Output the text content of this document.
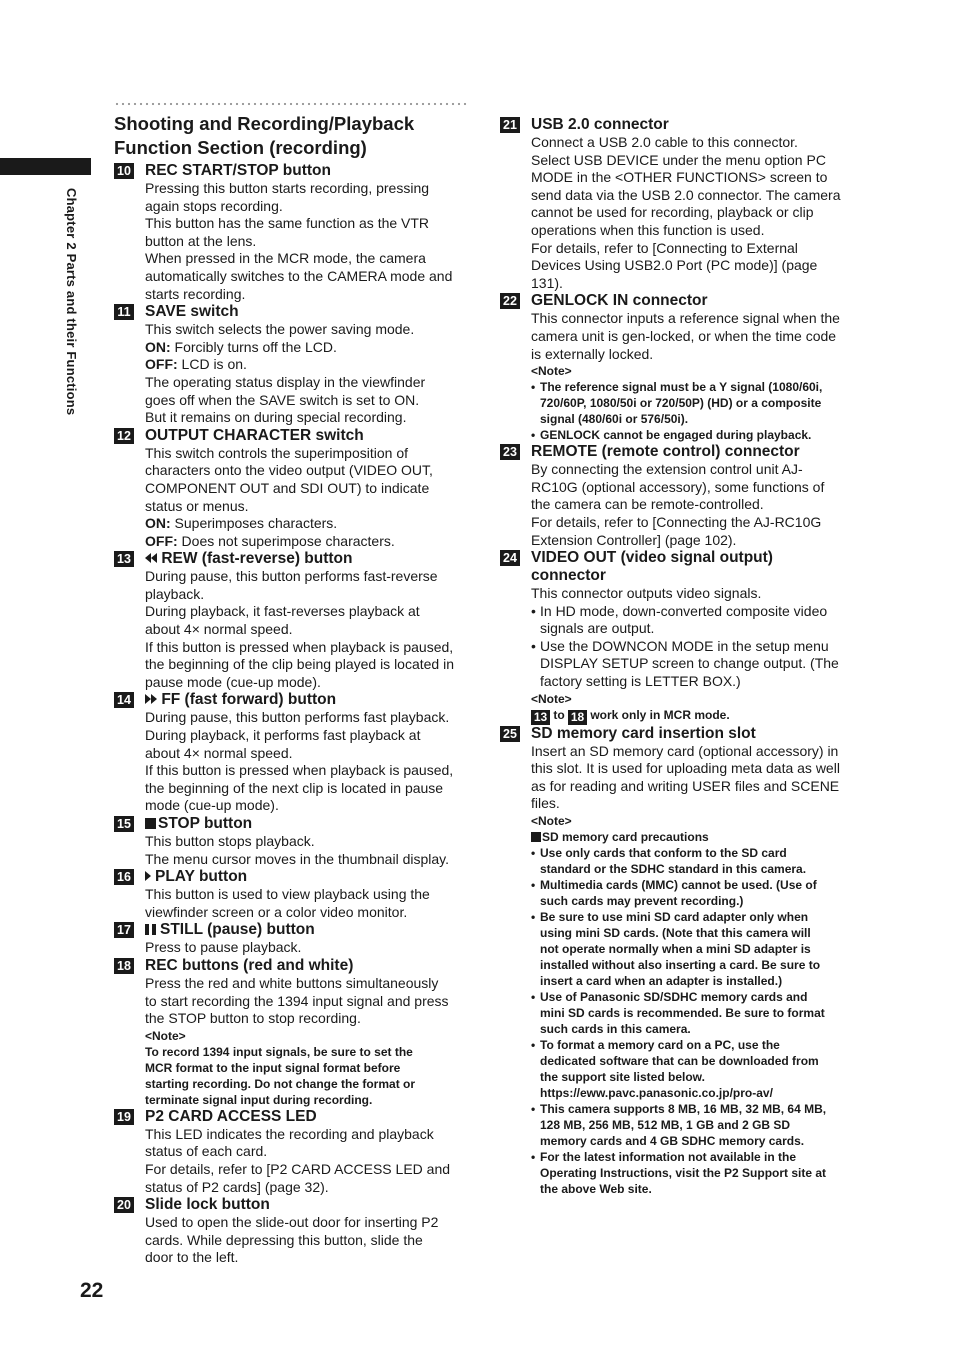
Chapter 2 Parts and their Functions
Shooting and Recording/Playback
Function Section (recording)
10 REC START/STOP button
Pressing this button starts recording, pressing
again stops recording.
This button has the same function as the VTR
button at the lens.
When pressed in the MCR mode, the camera
automatically switches to the CAMERA mode and
starts recording.
11 SAVE switch
This switch selects the power saving mode.
ON: Forcibly turns off the LCD.
OFF: LCD is on.
The operating status display in the viewfinder
goes off when the SAVE switch is set to ON.
But it remains on during special recording.
12 OUTPUT CHARACTER switch
This switch controls the superimposition of
characters onto the video output (VIDEO OUT,
COMPONENT OUT and SDI OUT) to indicate
status or menus.
ON: Superimposes characters.
OFF: Does not superimpose characters.
13	REW (fast-reverse) button
During pause, this button performs fast-reverse
playback.
During playback, it fast-reverses playback at
about 4× normal speed.
If this button is pressed when playback is paused,
the beginning of the clip being played is located in
pause mode (cue-up mode).
14	FF (fast forward) button
During pause, this button performs fast playback.
During playback, it performs fast playback at
about 4× normal speed.
If this button is pressed when playback is paused,
the beginning of the next clip is located in pause
mode (cue-up mode).
15	STOP button
This button stops playback.
The menu cursor moves in the thumbnail display.
16	PLAY button
This button is used to view playback using the
viewfinder screen or a color video monitor.
17	STILL (pause) button
Press to pause playback.
18 REC buttons (red and white)
Press the red and white buttons simultaneously
to start recording the 1394 input signal and press
the STOP button to stop recording.
<Note>
To record 1394 input signals, be sure to set the
MCR format to the input signal format before
starting recording. Do not change the format or
terminate signal input during recording.
19 P2 CARD ACCESS LED
This LED indicates the recording and playback
status of each card.
For details, refer to [P2 CARD ACCESS LED and
status of P2 cards] (page 32).
20 Slide lock button
Used to open the slide-out door for inserting P2
cards. While depressing this button, slide the
door to the left.
21 USB 2.0 connector
Connect a USB 2.0 cable to this connector.
Select USB DEVICE under the menu option PC
MODE in the <OTHER FUNCTIONS> screen to
send data via the USB 2.0 connector. The camera
cannot be used for recording, playback or clip
operations when this function is used.
For details, refer to [Connecting to External
Devices Using USB2.0 Port (PC mode)] (page
131).
22 GENLOCK IN connector
This connector inputs a reference signal when the
camera unit is gen-locked, or when the time code
is externally locked.
<Note>
• The reference signal must be a Y signal (1080/60i,
720/60P, 1080/50i or 720/50P) (HD) or a composite
signal (480/60i or 576/50i).
• GENLOCK cannot be engaged during playback.
23 REMOTE (remote control) connector
By connecting the extension control unit AJ-
RC10G (optional accessory), some functions of
the camera can be remote-controlled.
For details, refer to [Connecting the AJ-RC10G
Extension Controller] (page 102).
24 VIDEO OUT (video signal output)
connector
This connector outputs video signals.
• In HD mode, down-converted composite video
signals are output.
• Use the DOWNCON MODE in the setup menu
DISPLAY SETUP screen to change output. (The
factory setting is LETTER BOX.)
<Note>
13 to 18 work only in MCR mode.
25 SD memory card insertion slot
Insert an SD memory card (optional accessory) in
this slot. It is used for uploading meta data as well
as for reading and writing USER files and SCENE
files.
<Note>
SD memory card precautions
• Use only cards that conform to the SD card
standard or the SDHC standard in this camera.
• Multimedia cards (MMC) cannot be used. (Use of
such cards may prevent recording.)
• Be sure to use mini SD card adapter only when
using mini SD cards. (Note that this camera will
not operate normally when a mini SD adapter is
installed without also inserting a card. Be sure to
insert a card when an adapter is installed.)
• Use of Panasonic SD/SDHC memory cards and
mini SD cards is recommended. Be sure to format
such cards in this camera.
• To format a memory card on a PC, use the
dedicated software that can be downloaded from
the support site listed below.
https://eww.pavc.panasonic.co.jp/pro-av/
• This camera supports 8 MB, 16 MB, 32 MB, 64 MB,
128 MB, 256 MB, 512 MB, 1 GB and 2 GB SD
memory cards and 4 GB SDHC memory cards.
• For the latest information not available in the
Operating Instructions, visit the P2 Support site at
the above Web site.
22
